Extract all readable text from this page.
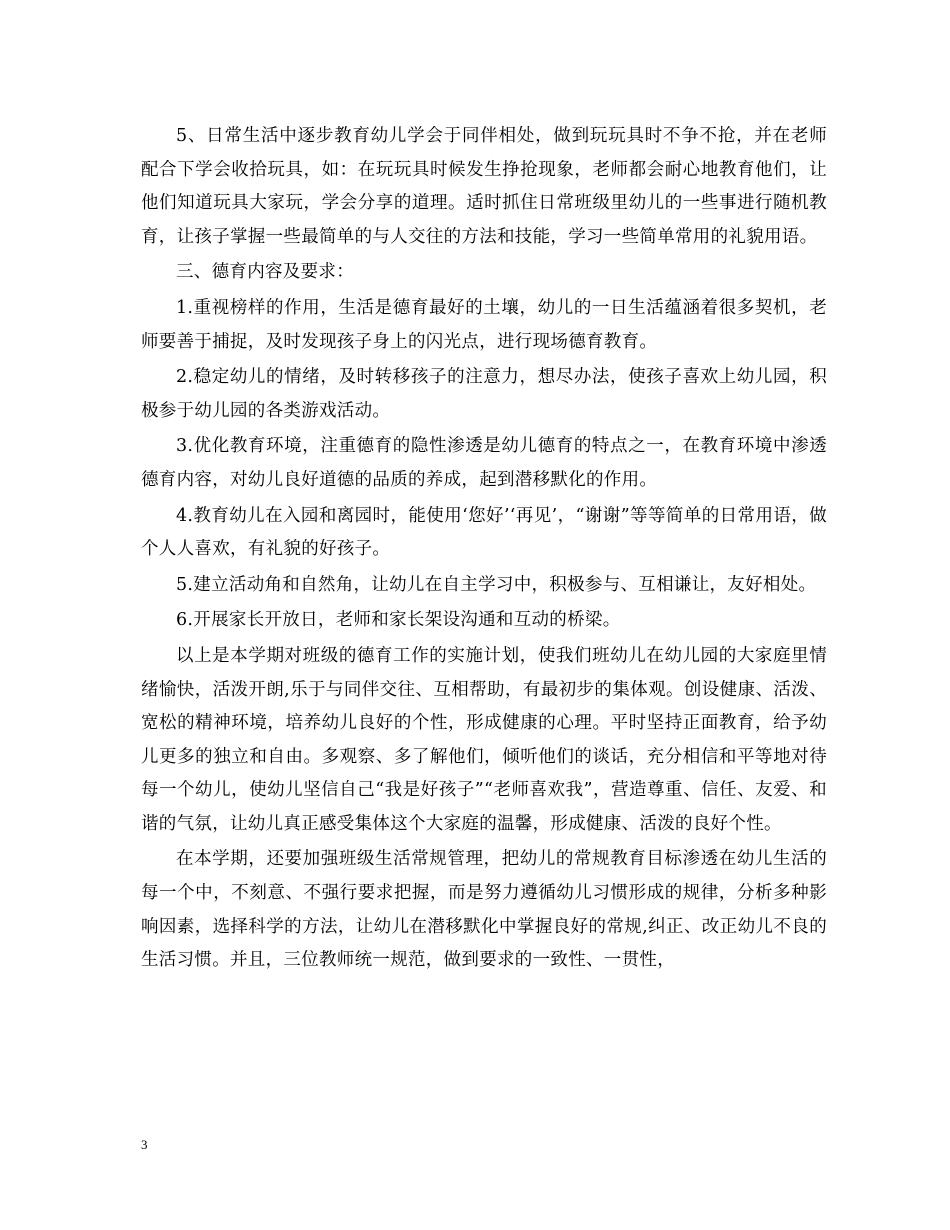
5、日常生活中逐步教育幼儿学会于同伴相处，做到玩玩具时不争不抢，并在老师配合下学会收拾玩具，如：在玩玩具时候发生挣抢现象，老师都会耐心地教育他们，让他们知道玩具大家玩，学会分享的道理。适时抓住日常班级里幼儿的一些事进行随机教育，让孩子掌握一些最简单的与人交往的方法和技能，学习一些简单常用的礼貌用语。

三、德育内容及要求：

1.重视榜样的作用，生活是德育最好的土壤，幼儿的一日生活蕴涵着很多契机，老师要善于捕捉，及时发现孩子身上的闪光点，进行现场德育教育。

2.稳定幼儿的情绪，及时转移孩子的注意力，想尽办法，使孩子喜欢上幼儿园，积极参于幼儿园的各类游戏活动。

3.优化教育环境，注重德育的隐性渗透是幼儿德育的特点之一，在教育环境中渗透德育内容，对幼儿良好道德的品质的养成，起到潜移默化的作用。

4.教育幼儿在入园和离园时，能使用‘您好’‘再见’，“谢谢”等等简单的日常用语，做个人人喜欢，有礼貌的好孩子。

5.建立活动角和自然角，让幼儿在自主学习中，积极参与、互相谦让，友好相处。

6.开展家长开放日，老师和家长架设沟通和互动的桥梁。

以上是本学期对班级的德育工作的实施计划，使我们班幼儿在幼儿园的大家庭里情绪愉快，活泼开朗,乐于与同伴交往、互相帮助，有最初步的集体观。创设健康、活泼、宽松的精神环境，培养幼儿良好的个性，形成健康的心理。平时坚持正面教育，给予幼儿更多的独立和自由。多观察、多了解他们，倾听他们的谈话，充分相信和平等地对待每一个幼儿，使幼儿坚信自己“我是好孩子”“老师喜欢我”，营造尊重、信任、友爱、和谐的气氛，让幼儿真正感受集体这个大家庭的温馨，形成健康、活泼的良好个性。

在本学期，还要加强班级生活常规管理，把幼儿的常规教育目标渗透在幼儿生活的每一个中，不刻意、不强行要求把握，而是努力遵循幼儿习惯形成的规律，分析多种影响因素，选择科学的方法，让幼儿在潜移默化中掌握良好的常规,纠正、改正幼儿不良的生活习惯。并且，三位教师统一规范，做到要求的一致性、一贯性，

3
